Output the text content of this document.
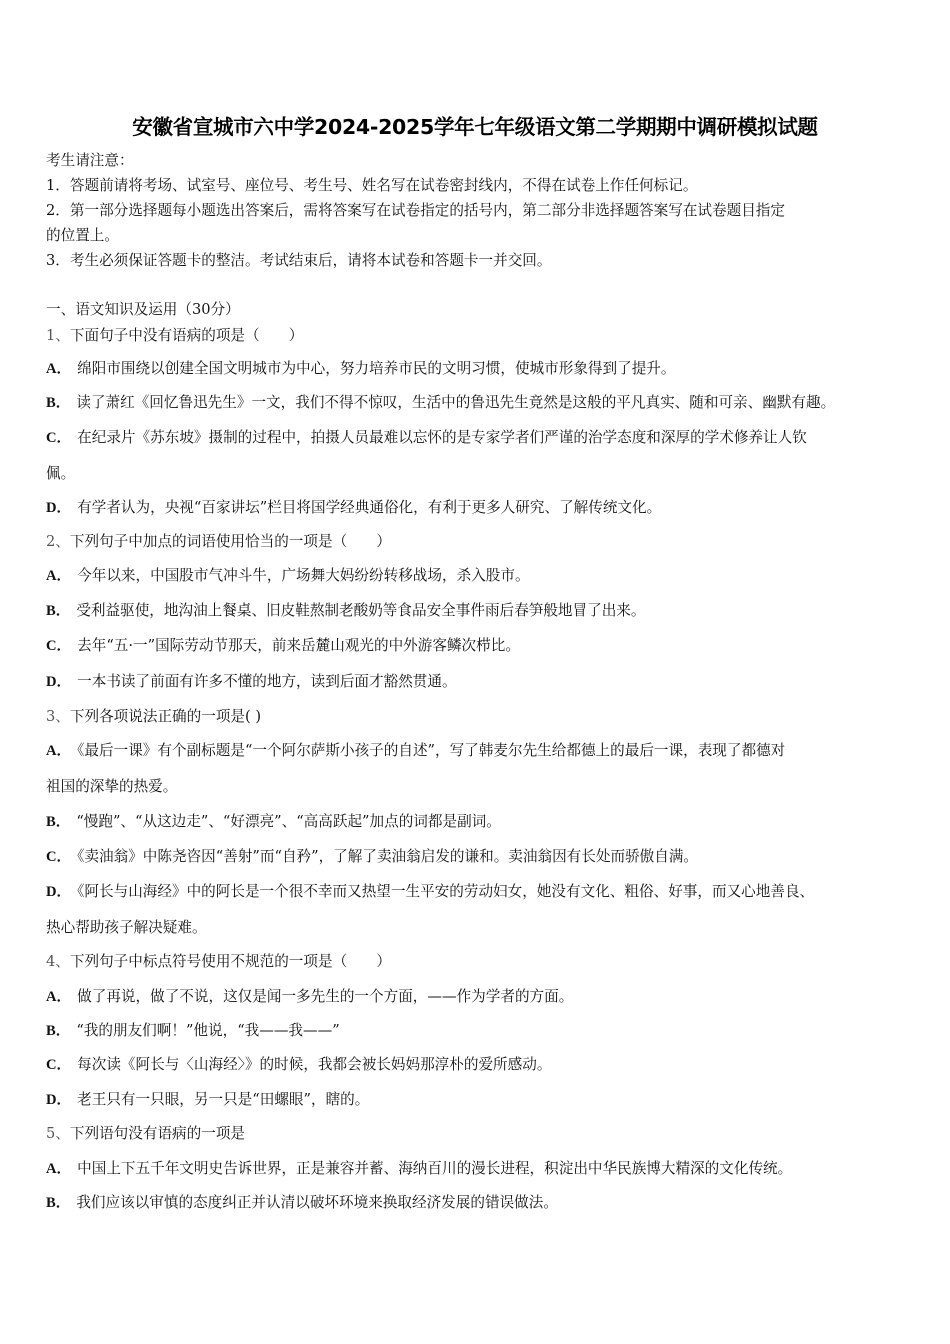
安徽省宣城市六中学2024-2025学年七年级语文第二学期期中调研模拟试题
考生请注意：
1．答题前请将考场、试室号、座位号、考生号、姓名写在试卷密封线内，不得在试卷上作任何标记。
2．第一部分选择题每小题选出答案后，需将答案写在试卷指定的括号内，第二部分非选择题答案写在试卷题目指定
的位置上。
3．考生必须保证答题卡的整洁。考试结束后，请将本试卷和答题卡一并交回。
一、语文知识及运用（30分）
1、下面句子中没有语病的项是（　　）
A． 绵阳市围绕以创建全国文明城市为中心，努力培养市民的文明习惯，使城市形象得到了提升。
B． 读了萧红《回忆鲁迅先生》一文，我们不得不惊叹，生活中的鲁迅先生竟然是这般的平凡真实、随和可亲、幽默有趣。
C． 在纪录片《苏东坡》摄制的过程中，拍摄人员最难以忘怀的是专家学者们严谨的治学态度和深厚的学术修养让人钦
佩。
D． 有学者认为，央视“百家讲坛”栏目将国学经典通俗化，有利于更多人研究、了解传统文化。
2、下列句子中加点的词语使用恰当的一项是（　　）
A． 今年以来，中国股市气冲斗牛，广场舞大妈纷纷转移战场，杀入股市。
B． 受利益驱使，地沟油上餐桌、旧皮鞋熬制老酸奶等食品安全事件雨后春笋般地冒了出来。
C． 去年“五·一”国际劳动节那天，前来岳麓山观光的中外游客鳞次栉比。
D． 一本书读了前面有许多不懂的地方，读到后面才豁然贯通。
3、下列各项说法正确的一项是( )
A． 《最后一课》有个副标题是“一个阿尔萨斯小孩子的自述”，写了韩麦尔先生给都德上的最后一课，表现了都德对
祖国的深挚的热爱。
B． “慢跑”、“从这边走”、“好漂亮”、“高高跃起”加点的词都是副词。
C． 《卖油翁》中陈尧咨因“善射”而“自矜”，了解了卖油翁启发的谦和。卖油翁因有长处而骄傲自满。
D． 《阿长与山海经》中的阿长是一个很不幸而又热望一生平安的劳动妇女，她没有文化、粗俗、好事，而又心地善良、
热心帮助孩子解决疑难。
4、下列句子中标点符号使用不规范的一项是（　　）
A． 做了再说，做了不说，这仅是闻一多先生的一个方面，——作为学者的方面。
B． “我的朋友们啊！”他说，“我——我——”
C． 每次读《阿长与〈山海经〉》的时候，我都会被长妈妈那淳朴的爱所感动。
D． 老王只有一只眼，另一只是“田螺眼”，瞎的。
5、下列语句没有语病的一项是
A． 中国上下五千年文明史告诉世界，正是兼容并蓄、海纳百川的漫长进程，积淀出中华民族博大精深的文化传统。
B． 我们应该以审慎的态度纠正并认清以破坏环境来换取经济发展的错误做法。
